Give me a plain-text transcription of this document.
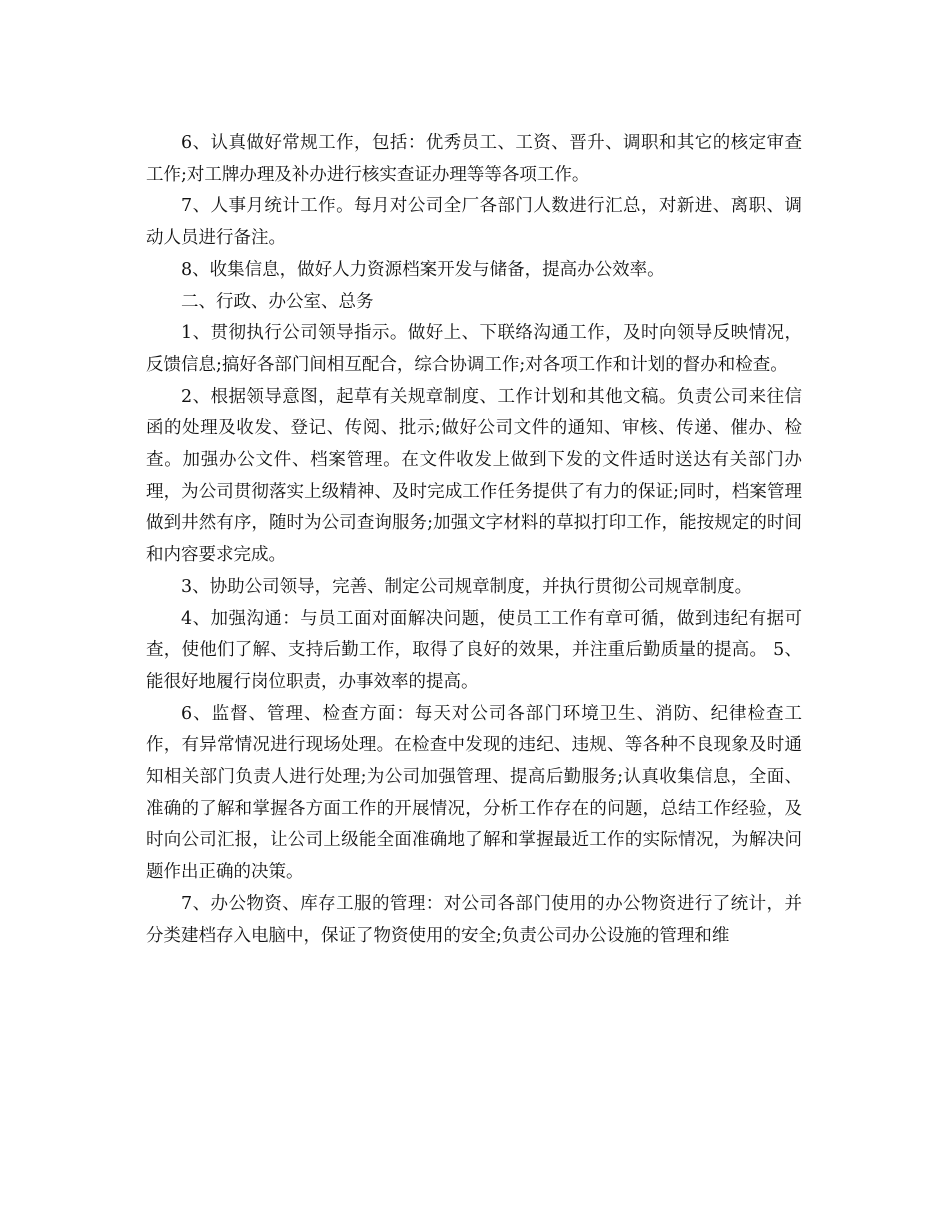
6、认真做好常规工作，包括：优秀员工、工资、晋升、调职和其它的核定审查工作;对工牌办理及补办进行核实查证办理等等各项工作。

7、人事月统计工作。每月对公司全厂各部门人数进行汇总，对新进、离职、调动人员进行备注。

8、收集信息，做好人力资源档案开发与储备，提高办公效率。

二、行政、办公室、总务

1、贯彻执行公司领导指示。做好上、下联络沟通工作，及时向领导反映情况，反馈信息;搞好各部门间相互配合，综合协调工作;对各项工作和计划的督办和检查。

2、根据领导意图，起草有关规章制度、工作计划和其他文稿。负责公司来往信函的处理及收发、登记、传阅、批示;做好公司文件的通知、审核、传递、催办、检查。加强办公文件、档案管理。在文件收发上做到下发的文件适时送达有关部门办理，为公司贯彻落实上级精神、及时完成工作任务提供了有力的保证;同时，档案管理做到井然有序，随时为公司查询服务;加强文字材料的草拟打印工作，能按规定的时间和内容要求完成。

3、协助公司领导，完善、制定公司规章制度，并执行贯彻公司规章制度。

4、加强沟通：与员工面对面解决问题，使员工工作有章可循，做到违纪有据可查，使他们了解、支持后勤工作，取得了良好的效果，并注重后勤质量的提高。 5、能很好地履行岗位职责，办事效率的提高。

6、监督、管理、检查方面：每天对公司各部门环境卫生、消防、纪律检查工作，有异常情况进行现场处理。在检查中发现的违纪、违规、等各种不良现象及时通知相关部门负责人进行处理;为公司加强管理、提高后勤服务;认真收集信息，全面、准确的了解和掌握各方面工作的开展情况，分析工作存在的问题，总结工作经验，及时向公司汇报，让公司上级能全面准确地了解和掌握最近工作的实际情况，为解决问题作出正确的决策。

7、办公物资、库存工服的管理：对公司各部门使用的办公物资进行了统计，并分类建档存入电脑中，保证了物资使用的安全;负责公司办公设施的管理和维
